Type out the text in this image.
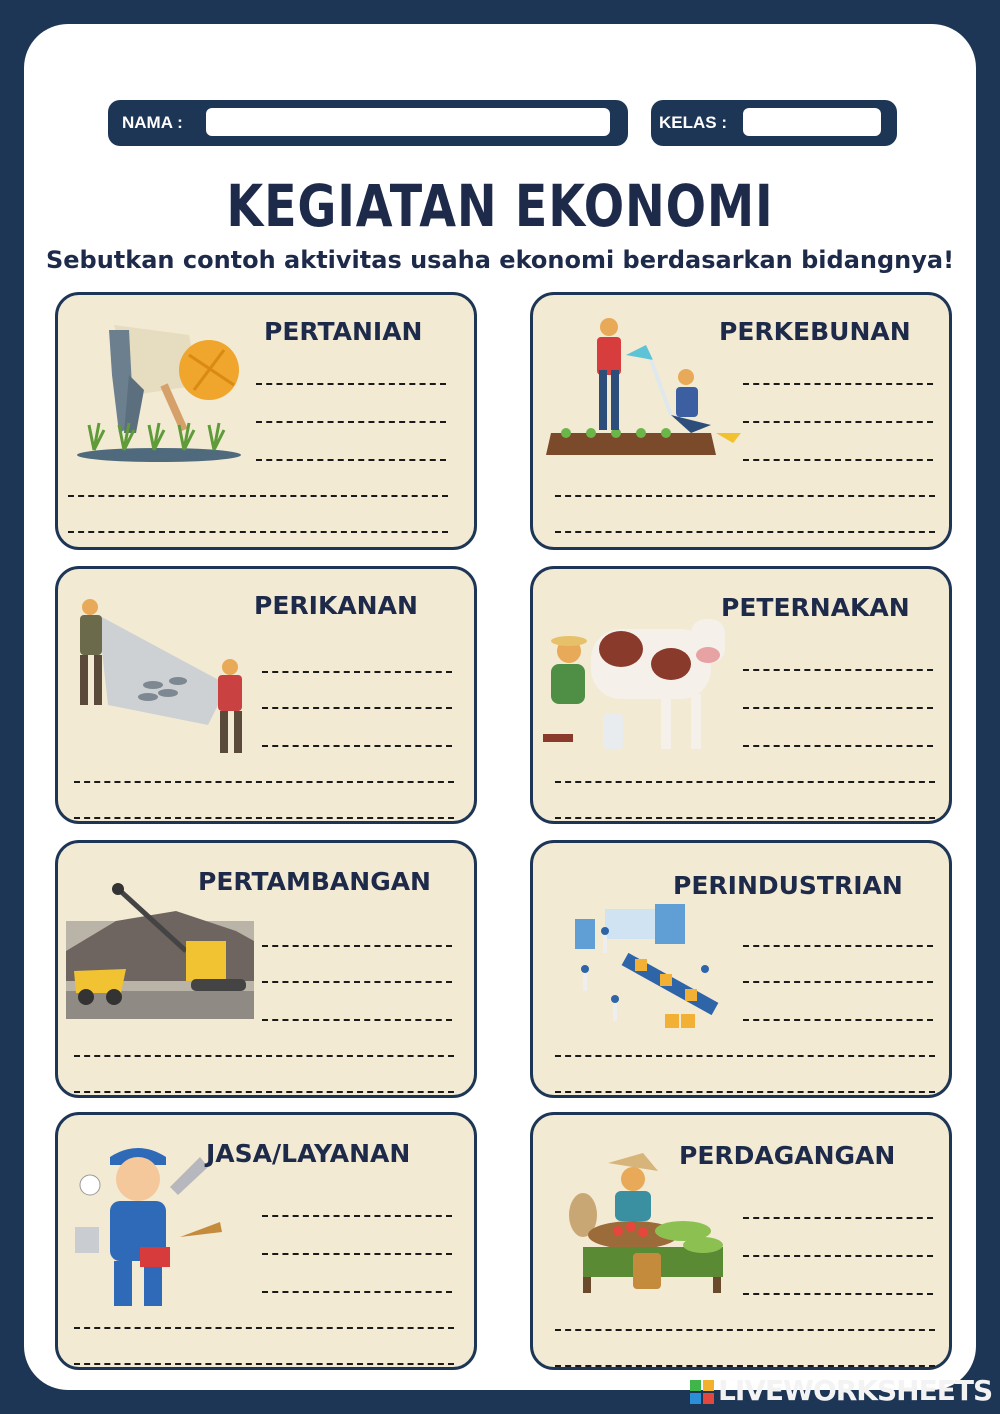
NAMA :	KELAS :
KEGIATAN EKONOMI
Sebutkan contoh aktivitas usaha ekonomi berdasarkan bidangnya!
PERTANIAN	PERKEBUNAN
PERIKANAN	PETERNAKAN
PERTAMBANGAN	PERINDUSTRIAN
JASA/LAYANAN	PERDAGANGAN
LIVEWORKSHEETS
